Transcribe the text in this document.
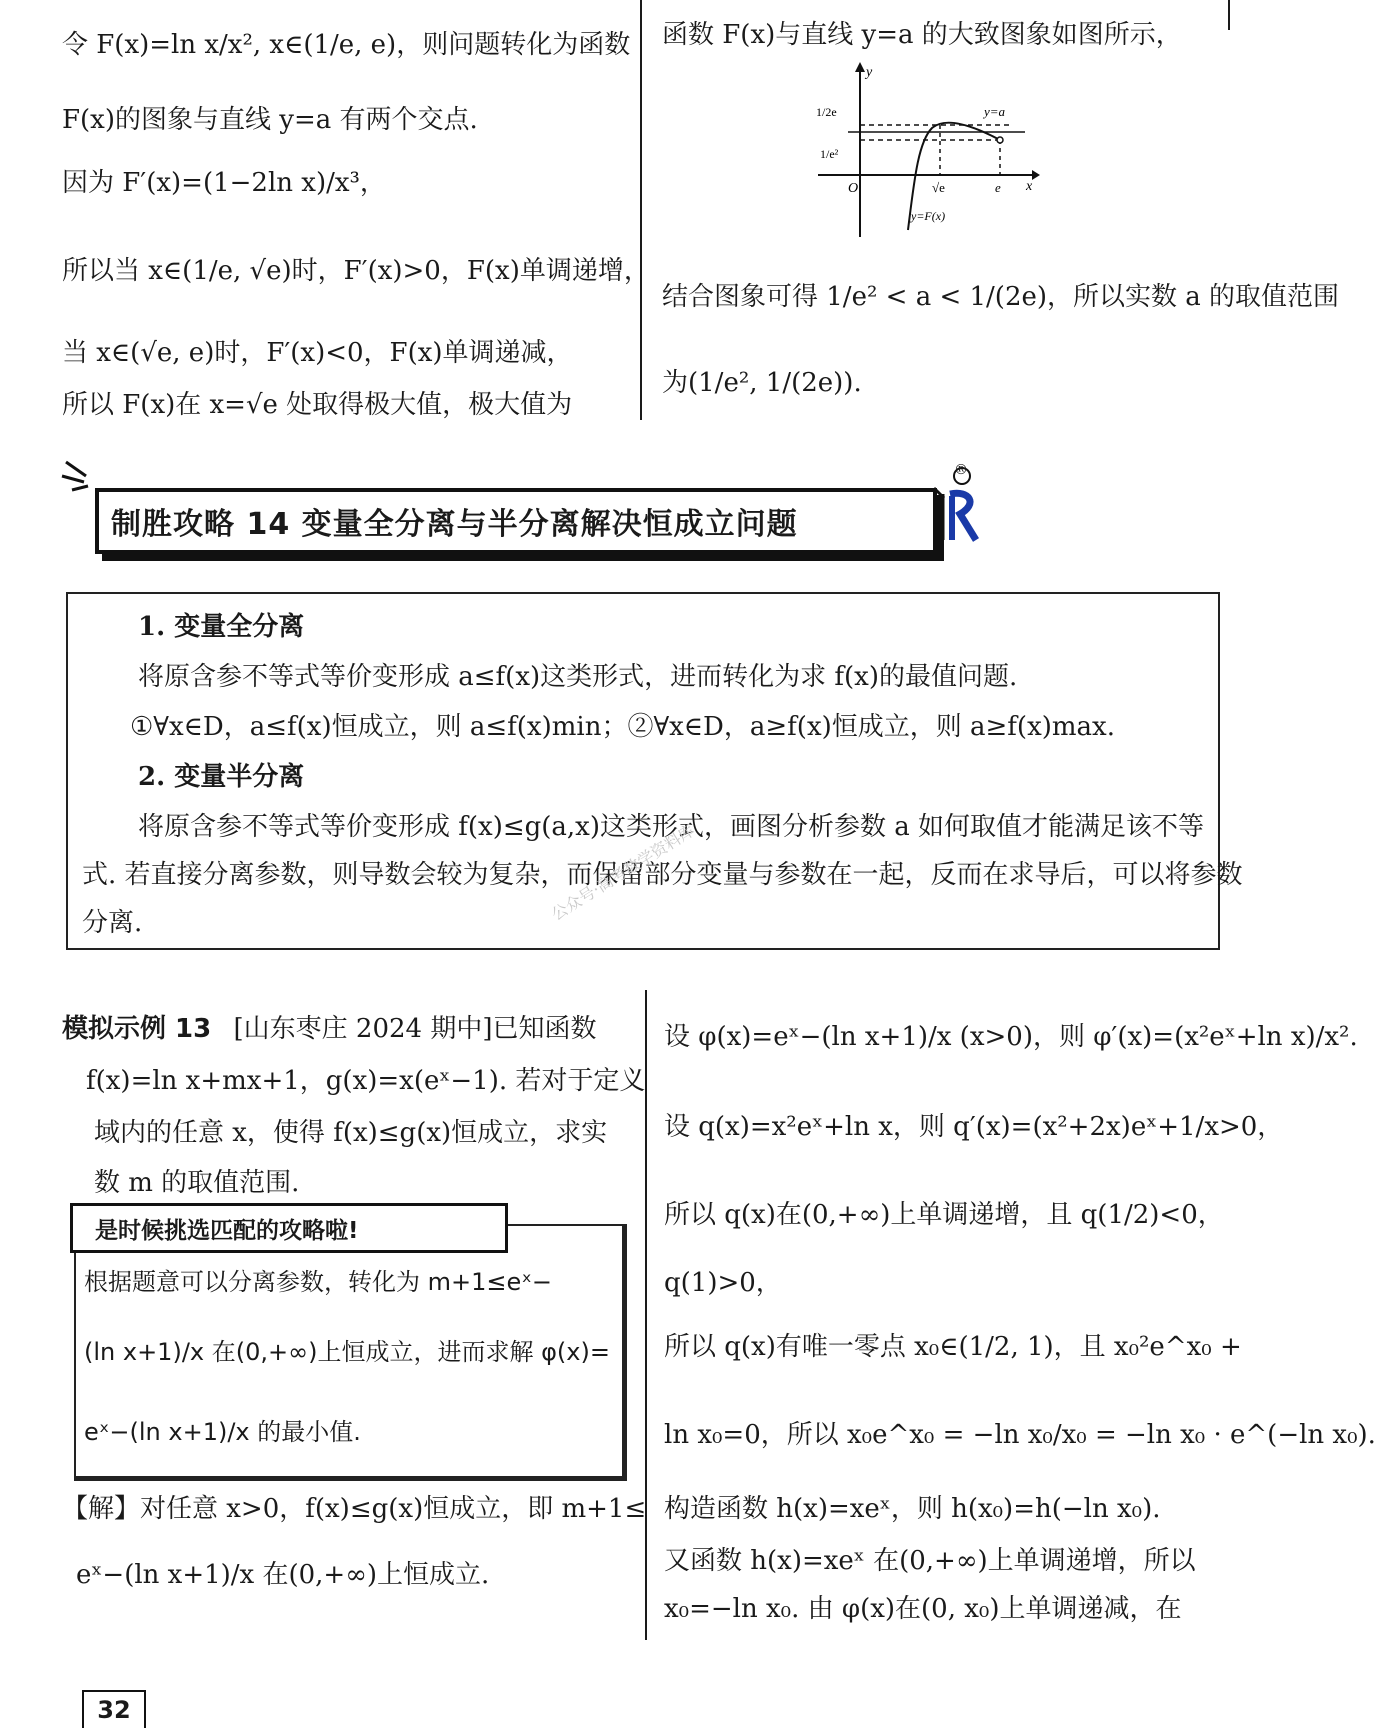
令 F(x)=ln x/x², x∈(1/e, e)，则问题转化为函数
F(x)的图象与直线 y=a 有两个交点.
因为 F′(x)=(1−2ln x)/x³，
所以当 x∈(1/e, √e)时，F′(x)>0，F(x)单调递增，
当 x∈(√e, e)时，F′(x)<0，F(x)单调递减，
所以 F(x)在 x=√e 处取得极大值，极大值为
函数 F(x)与直线 y=a 的大致图象如图所示，
y
x
O
1/2e
1/e²
√e	e
y=a
y=F(x)
结合图象可得 1/e² < a < 1/(2e)，所以实数 a 的取值范围
为(1/e², 1/(2e)).
制胜攻略 14 变量全分离与半分离解决恒成立问题
®
1. 变量全分离
将原含参不等式等价变形成 a≤f(x)这类形式，进而转化为求 f(x)的最值问题.
①∀x∈D，a≤f(x)恒成立，则 a≤f(x)min；②∀x∈D，a≥f(x)恒成立，则 a≥f(x)max.
2. 变量半分离
将原含参不等式等价变形成 f(x)≤g(a,x)这类形式，画图分析参数 a 如何取值才能满足该不等
式. 若直接分离参数，则导数会较为复杂，而保留部分变量与参数在一起，反而在求导后，可以将参数
分离.	公众号·高考数学资料库
模拟示例 13 [山东枣庄 2024 期中]已知函数
f(x)=ln x+mx+1，g(x)=x(eˣ−1). 若对于定义
域内的任意 x，使得 f(x)≤g(x)恒成立，求实
数 m 的取值范围.
是时候挑选匹配的攻略啦!
根据题意可以分离参数，转化为 m+1≤eˣ−
(ln x+1)/x 在(0,+∞)上恒成立，进而求解 φ(x)=
eˣ−(ln x+1)/x 的最小值.
【解】对任意 x>0，f(x)≤g(x)恒成立，即 m+1≤
eˣ−(ln x+1)/x 在(0,+∞)上恒成立.
设 φ(x)=eˣ−(ln x+1)/x (x>0)，则 φ′(x)=(x²eˣ+ln x)/x².
设 q(x)=x²eˣ+ln x，则 q′(x)=(x²+2x)eˣ+1/x>0，
所以 q(x)在(0,+∞)上单调递增，且 q(1/2)<0，
q(1)>0，
所以 q(x)有唯一零点 x₀∈(1/2, 1)，且 x₀²e^x₀ +
ln x₀=0，所以 x₀e^x₀ = −ln x₀/x₀ = −ln x₀ · e^(−ln x₀).
构造函数 h(x)=xeˣ，则 h(x₀)=h(−ln x₀).
又函数 h(x)=xeˣ 在(0,+∞)上单调递增，所以
x₀=−ln x₀. 由 φ(x)在(0, x₀)上单调递减，在
32
